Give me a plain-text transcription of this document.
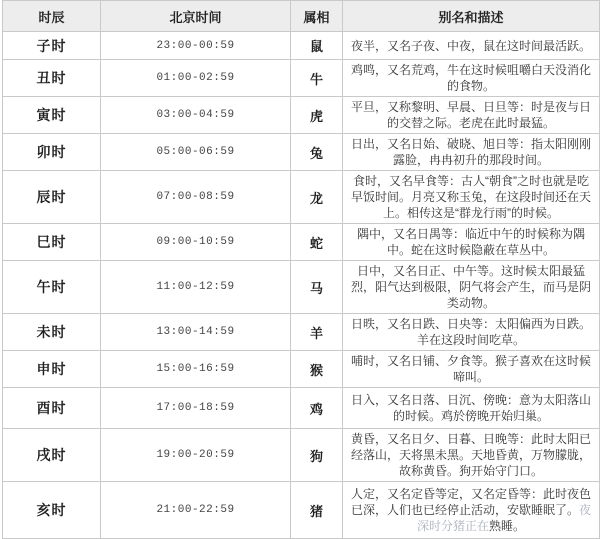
时辰	北京时间	属相	别名和描述
子时	23:00-00:59	鼠	夜半，又名子夜、中夜，鼠在这时间最活跃。
丑时	01:00-02:59	牛	鸡鸣，又名荒鸡，牛在这时候咀嚼白天没消化的食物。
寅时	03:00-04:59	虎	平旦，又称黎明、早晨、日旦等：时是夜与日的交替之际。老虎在此时最猛。
卯时	05:00-06:59	兔	日出，又名日始、破晓、旭日等：指太阳刚刚露脸，冉冉初升的那段时间。
辰时	07:00-08:59	龙	食时，又名早食等：古人“朝食”之时也就是吃早饭时间。月亮又称玉兔，在这段时间还在天上。相传这是“群龙行雨”的时候。
巳时	09:00-10:59	蛇	隅中，又名日禺等：临近中午的时候称为隅中。蛇在这时候隐蔽在草丛中。
午时	11:00-12:59	马	日中，又名日正、中午等。这时候太阳最猛烈，阳气达到极限，阴气将会产生，而马是阴类动物。
未时	13:00-14:59	羊	日昳，又名日跌、日央等：太阳偏西为日跌。羊在这段时间吃草。
申时	15:00-16:59	猴	哺时，又名日铺、夕食等。猴子喜欢在这时候啼叫。
酉时	17:00-18:59	鸡	日入，又名日落、日沉、傍晚：意为太阳落山的时候。鸡於傍晚开始归巢。
戌时	19:00-20:59	狗	黄昏，又名日夕、日暮、日晚等：此时太阳已经落山，天将黑未黑。天地昏黄，万物朦胧，故称黄昏。狗开始守门口。
亥时	21:00-22:59	猪	人定，又名定昏等定，又名定昏等：此时夜色已深，人们也已经停止活动，安歇睡眠了。夜深时分猪正在熟睡。
